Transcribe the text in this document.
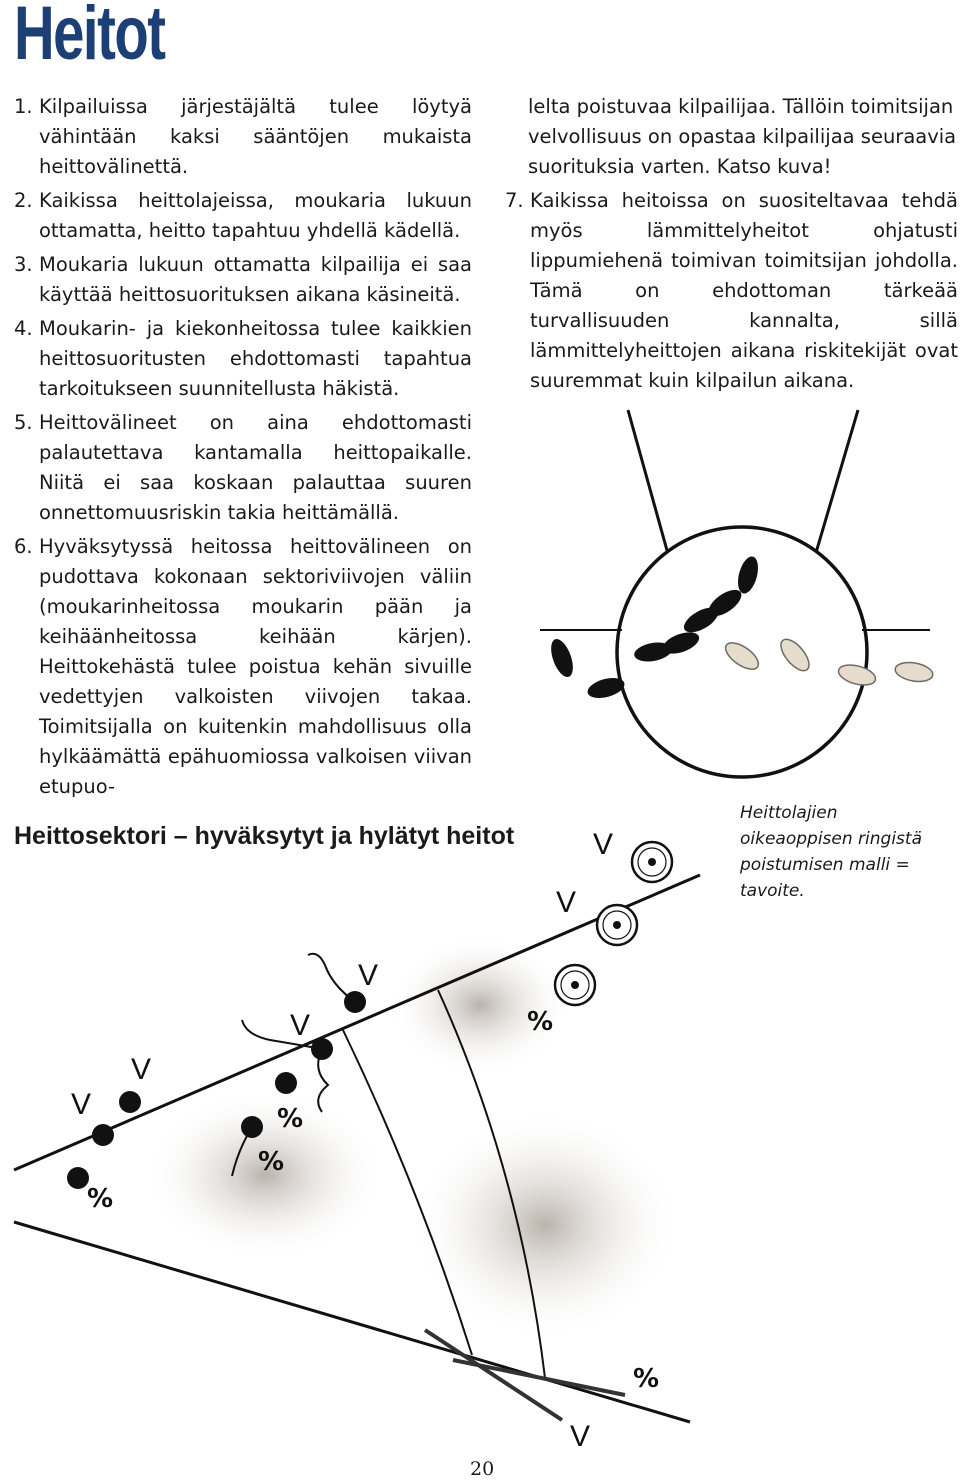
Heitot

1. Kilpailuissa järjestäjältä tulee löytyä vähintään kaksi sääntöjen mukaista heittovälinettä.

2. Kaikissa heittolajeissa, moukaria lukuun ottamatta, heitto tapahtuu yhdellä kädellä.

3. Moukaria lukuun ottamatta kilpailija ei saa käyttää heittosuorituksen aikana käsineitä.

4. Moukarin- ja kiekonheitossa tulee kaikkien heittosuoritusten ehdottomasti tapahtua tarkoitukseen suunnitellusta häkistä.

5. Heittovälineet on aina ehdottomasti palautettava kantamalla heittopaikalle. Niitä ei saa koskaan palauttaa suuren onnettomuusriskin takia heittämällä.

6. Hyväksytyssä heitossa heittovälineen on pudottava kokonaan sektoriviivojen väliin (moukarinheitossa moukarin pään ja keihäänheitossa keihään kärjen). Heittokehästä tulee poistua kehän sivuille vedettyjen valkoisten viivojen takaa. Toimitsijalla on kuitenkin mahdollisuus olla hylkäämättä epähuomiossa valkoisen viivan etupuo-

lelta poistuvaa kilpailijaa. Tällöin toimitsijan velvollisuus on opastaa kilpailijaa seuraavia suorituksia varten. Katso kuva!

7. Kaikissa heitoissa on suositeltavaa tehdä myös lämmittelyheitot ohjatusti lippumiehenä toimivan toimitsijan johdolla. Tämä on ehdottoman tärkeää turvallisuuden kannalta, sillä lämmittelyheittojen aikana riskitekijät ovat suuremmat kuin kilpailun aikana.

Heittolajien oikeaoppisen ringistä poistumisen malli = tavoite.
Heittosektori – hyväksytyt ja hylätyt heitot	V
V
V
V
V
V
V
%
%
%
%
%
20
